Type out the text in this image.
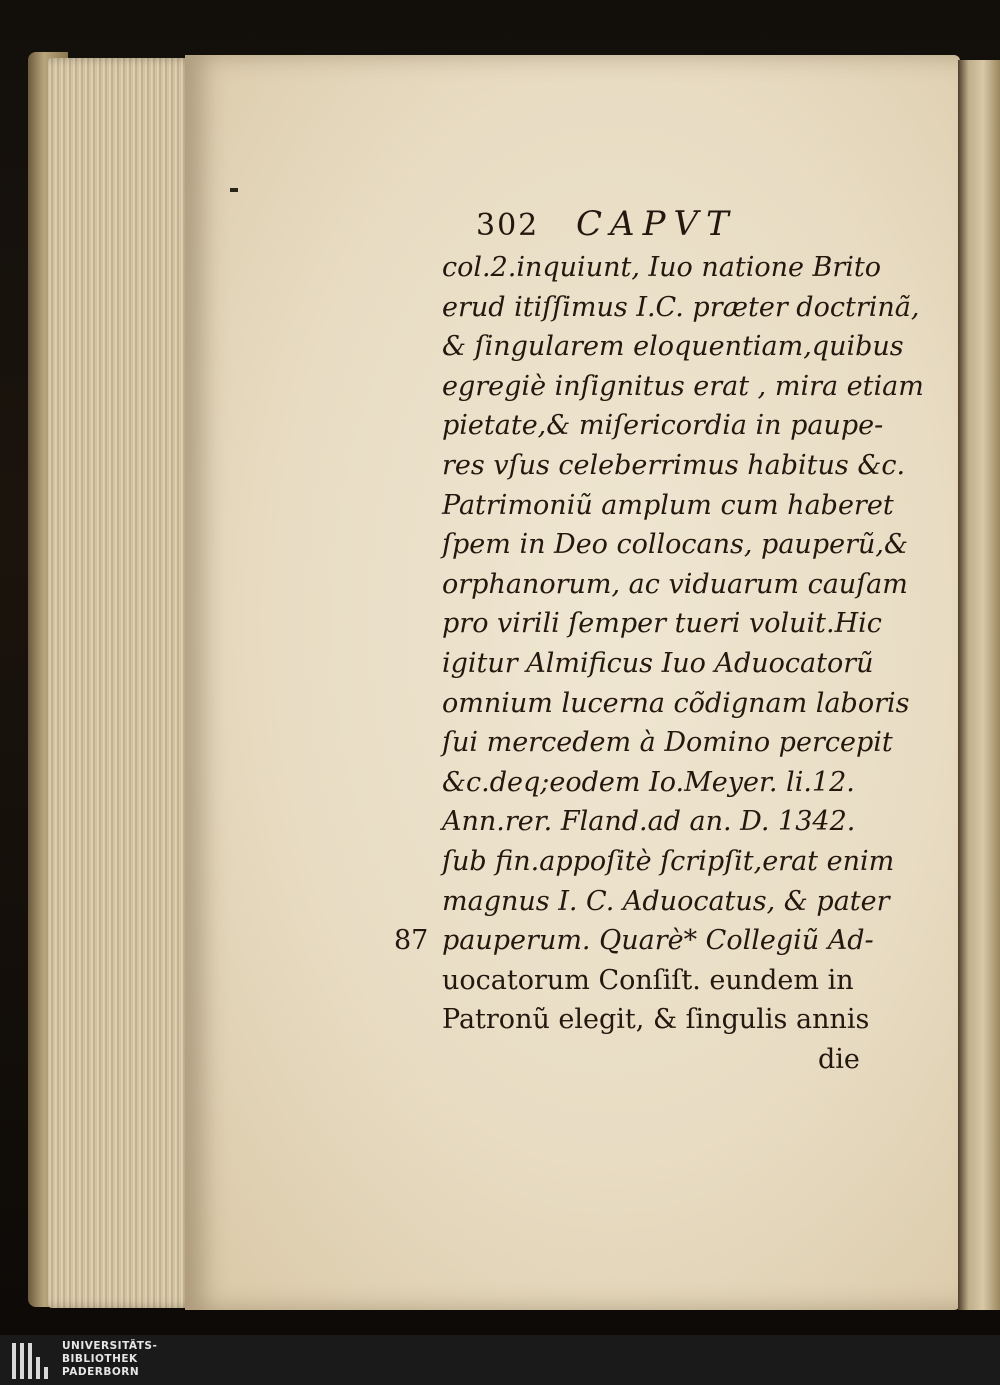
302 CAPVT
col.2.inquiunt, Iuo natione Brito
erud itiſſimus I.C. præter doctrinã,
& ſingularem eloquentiam,quibus
egregiè inſignitus erat , mira etiam
pietate,& miſericordia in paupe-
res vſus celeberrimus habitus &c.
Patrimoniũ amplum cum haberet
ſpem in Deo collocans, pauperũ,&
orphanorum, ac viduarum cauſam
pro virili ſemper tueri voluit.Hic
igitur Almificus Iuo Aduocatorũ
omnium lucerna cõdignam laboris
ſui mercedem à Domino percepit
&c.deq;eodem Io.Meyer. li.12.
Ann.rer. Fland.ad an. D. 1342.
ſub fin.appoſitè ſcripſit,erat enim
magnus I. C. Aduocatus, & pater
87 pauperum. Quarè* Collegiũ Ad-
uocatorum Conſiſt. eundem in
Patronũ elegit, & ſingulis annis
die
UNIVERSITÄTS-
BIBLIOTHEK
PADERBORN
